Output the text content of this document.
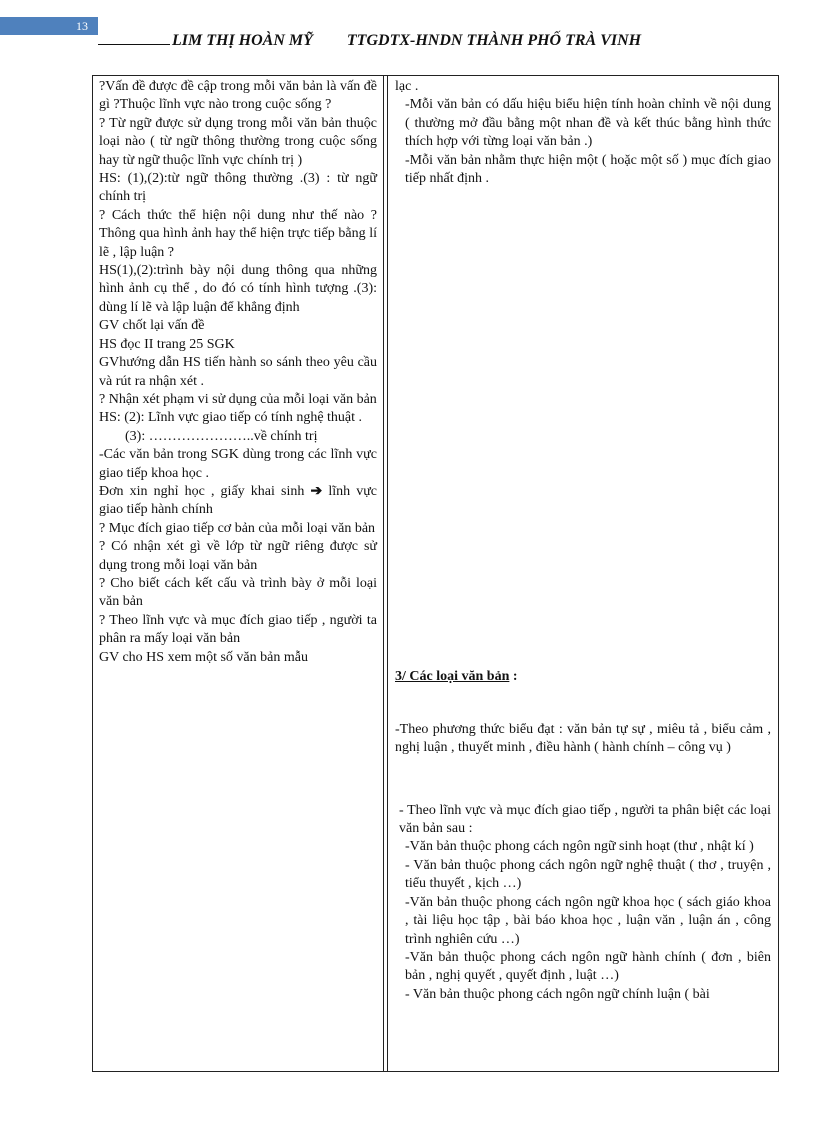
13
LIM THỊ HOÀN MỸ TTGDTX-HNDN THÀNH PHỐ TRÀ VINH

?Vấn đề được đề cập trong mỗi văn bản là vấn đề gì ?Thuộc lĩnh vực nào trong cuộc sống ?

? Từ ngữ được sử dụng trong mỗi văn bản thuộc loại nào ( từ ngữ thông thường trong cuộc sống hay từ ngữ thuộc lĩnh vực chính trị )

HS: (1),(2):từ ngữ thông thường .(3) : từ ngữ chính trị

? Cách thức thể hiện nội dung như thế nào ? Thông qua hình ảnh hay thể hiện trực tiếp bằng lí lẽ , lập luận ?

HS(1),(2):trình bày nội dung thông qua những hình ảnh cụ thể , do đó có tính hình tượng .(3): dùng lí lẽ và lập luận để khẳng định

GV chốt lại vấn đề

HS đọc II trang 25 SGK

GVhướng dẫn HS tiến hành so sánh theo yêu cầu và rút ra nhận xét .

? Nhận xét phạm vi sử dụng của mỗi loại văn bản

HS: (2): Lĩnh vực giao tiếp có tính nghệ thuật .

(3): …………………..về chính trị

-Các văn bản trong SGK dùng trong các lĩnh vực giao tiếp khoa học .

Đơn xin nghỉ học , giấy khai sinh ➔ lĩnh vực giao tiếp hành chính

? Mục đích giao tiếp cơ bản của mỗi loại văn bản

? Có nhận xét gì về lớp từ ngữ riêng được sử dụng trong mỗi loại văn bản

? Cho biết cách kết cấu và trình bày ở mỗi loại văn bản

? Theo lĩnh vực và mục đích giao tiếp , người ta phân ra mấy loại văn bản

GV cho HS xem một số văn bản mẫu

lạc .

-Mỗi văn bản có dấu hiệu biểu hiện tính hoàn chỉnh về nội dung ( thường mở đầu bằng một nhan đề và kết thúc bằng hình thức thích hợp với từng loại văn bản .)

-Mỗi văn bản nhằm thực hiện một ( hoặc một số ) mục đích giao tiếp nhất định .

3/ Các loại văn bản :

-Theo phương thức biểu đạt : văn bản tự sự , miêu tả , biểu cảm , nghị luận , thuyết minh , điều hành ( hành chính – công vụ )

- Theo lĩnh vực và mục đích giao tiếp , người ta phân biệt các loại văn bản sau :

-Văn bản thuộc phong cách ngôn ngữ sinh hoạt (thư , nhật kí )

- Văn bản thuộc phong cách ngôn ngữ nghệ thuật ( thơ , truyện , tiểu thuyết , kịch …)

-Văn bản thuộc phong cách ngôn ngữ khoa học ( sách giáo khoa , tài liệu học tập , bài báo khoa học , luận văn , luận án , công trình nghiên cứu …)

-Văn bản thuộc phong cách ngôn ngữ hành chính ( đơn , biên bản , nghị quyết , quyết định , luật …)

- Văn bản thuộc phong cách ngôn ngữ chính luận ( bài
